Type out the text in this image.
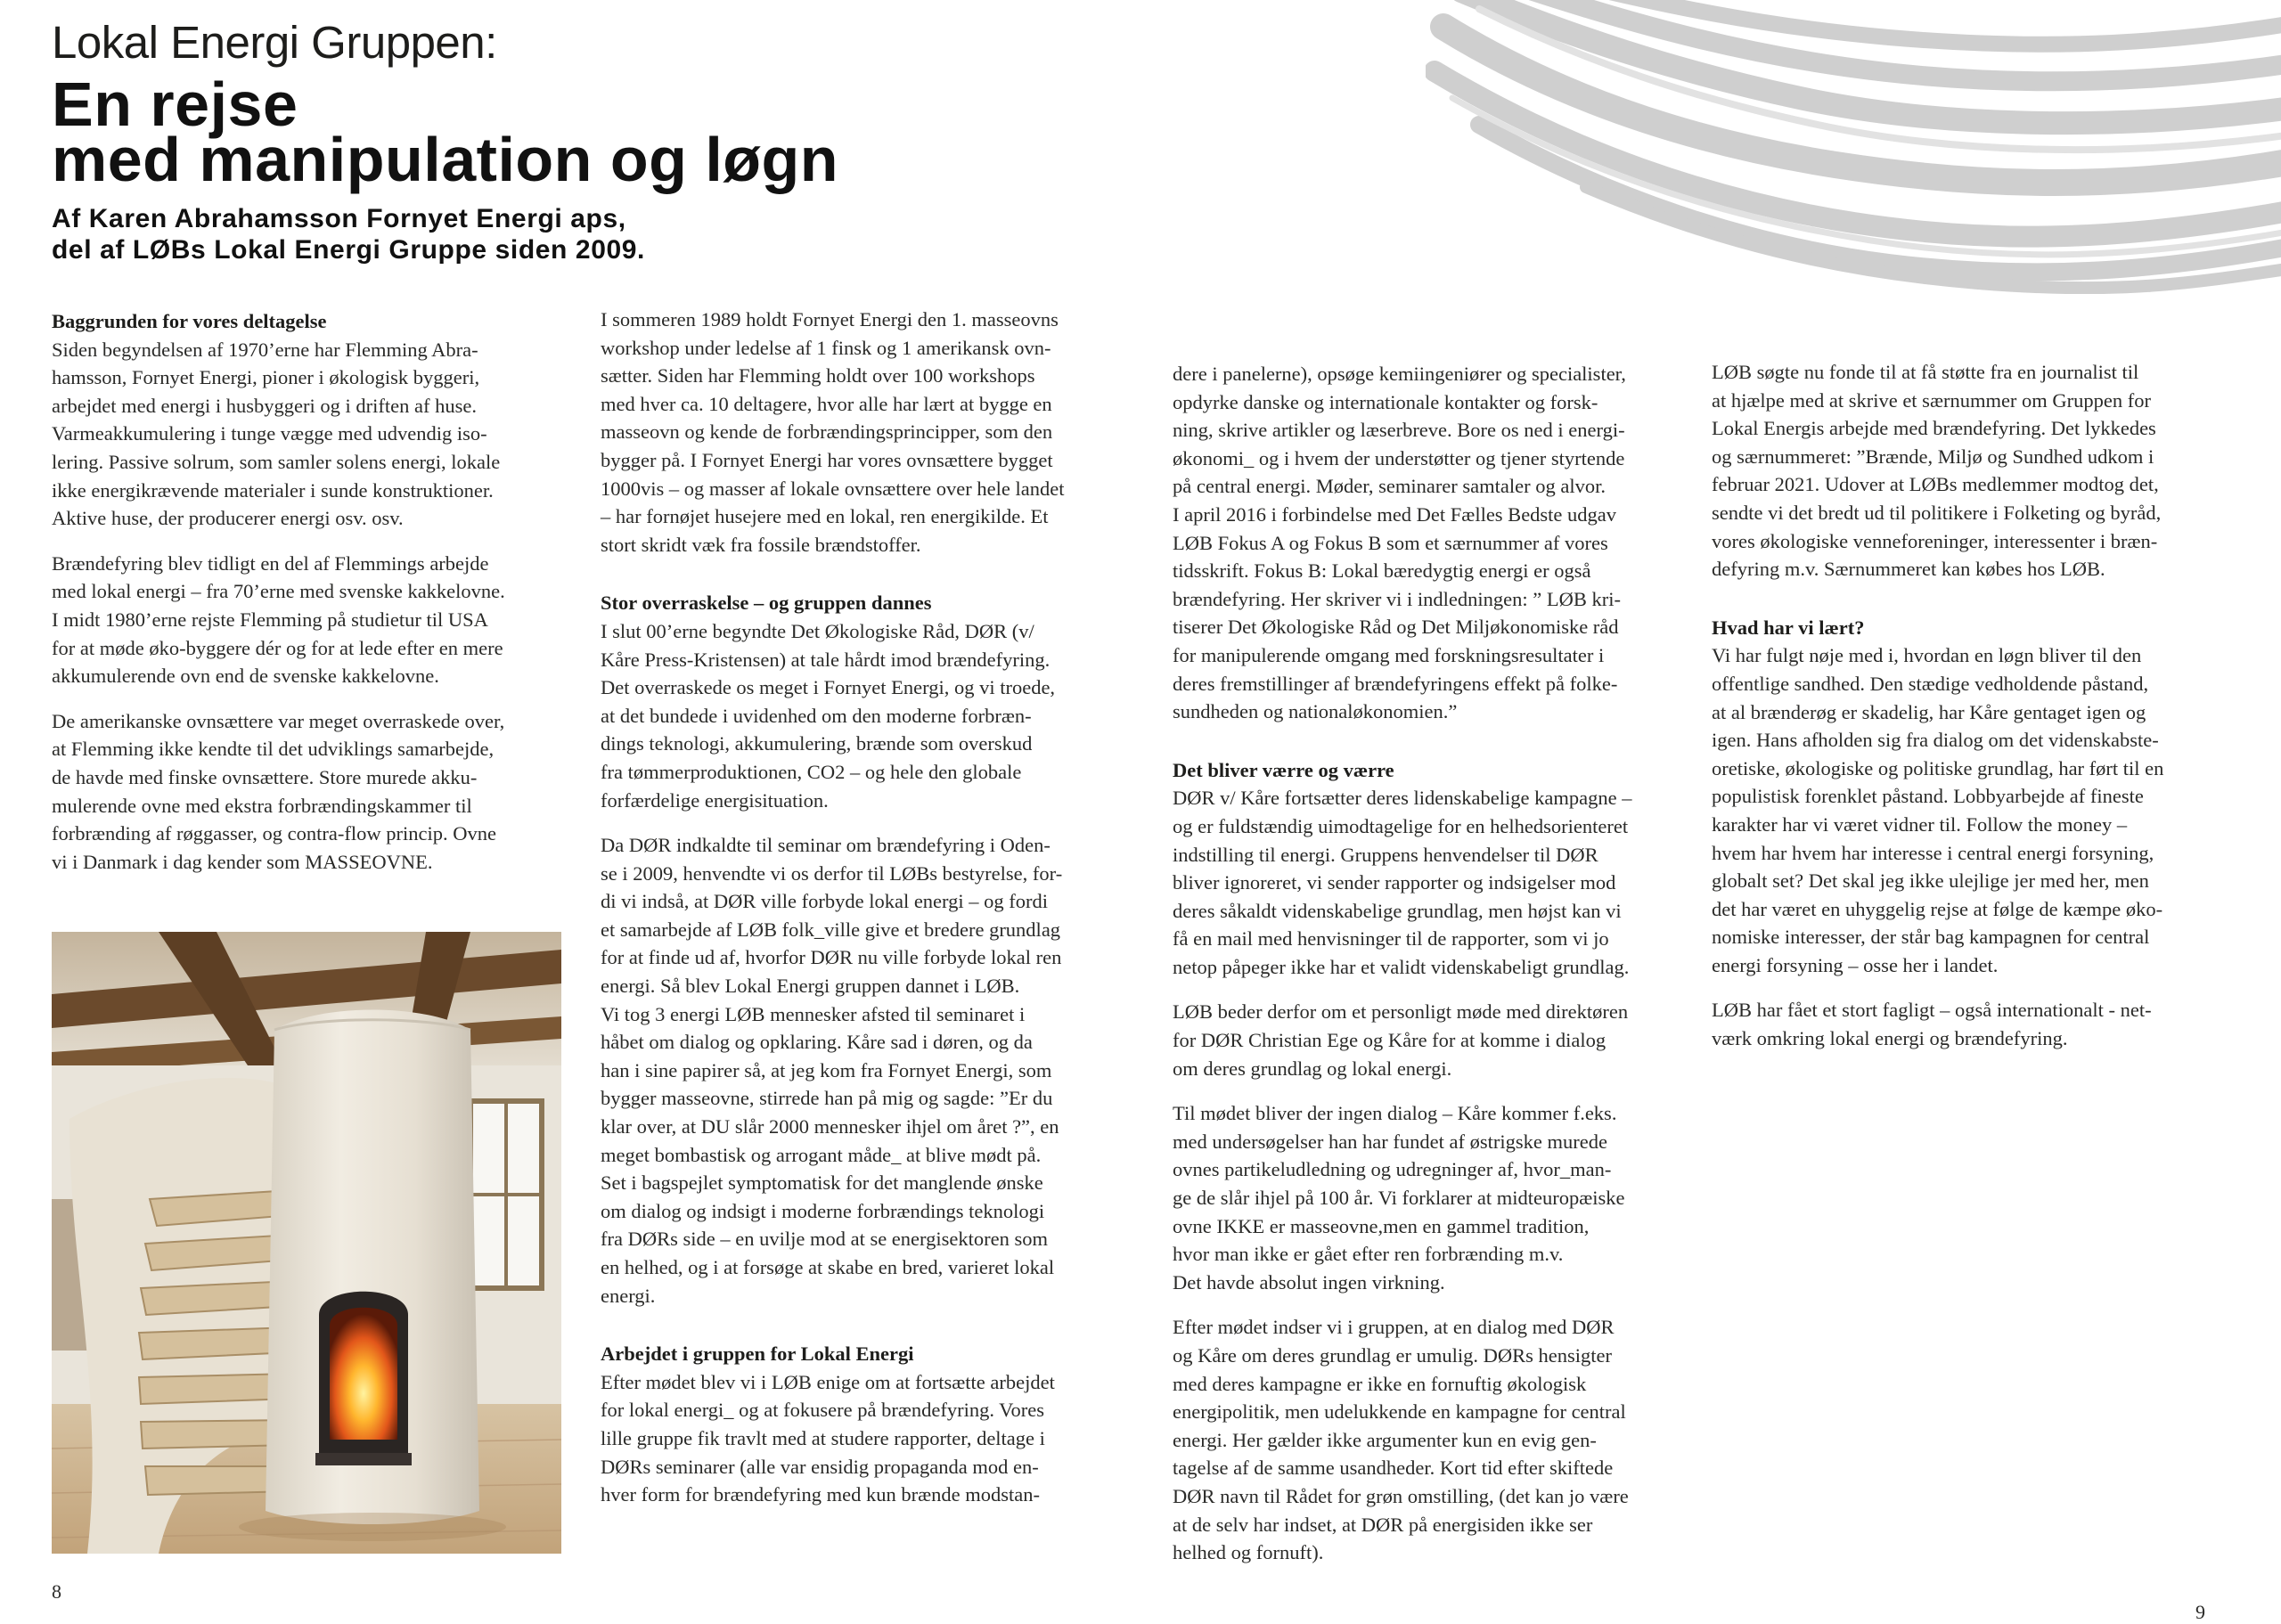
Lokal Energi Gruppen:
En rejse
med manipulation og løgn
Af Karen Abrahamsson Fornyet Energi aps,
del af LØBs Lokal Energi Gruppe siden 2009.
Baggrunden for vores deltagelse
Siden begyndelsen af 1970’erne har Flemming Abra-
hamsson, Fornyet Energi, pioner i økologisk byggeri,
arbejdet med energi i husbyggeri og i driften af huse.
Varmeakkumulering i tunge vægge med udvendig iso-
lering. Passive solrum, som samler solens energi, lokale
ikke energikrævende materialer i sunde konstruktioner.
Aktive huse, der producerer energi osv. osv.
Brændefyring blev tidligt en del af Flemmings arbejde
med lokal energi – fra 70’erne med svenske kakkelovne.
I midt 1980’erne rejste Flemming på studietur til USA
for at møde øko-byggere dér og for at lede efter en mere
akkumulerende ovn end de svenske kakkelovne.
De amerikanske ovnsættere var meget overraskede over,
at Flemming ikke kendte til det udviklings samarbejde,
de havde med finske ovnsættere. Store murede akku-
mulerende ovne med ekstra forbrændingskammer til
forbrænding af røggasser, og contra-flow princip. Ovne
vi i Danmark i dag kender som MASSEOVNE.
I sommeren 1989 holdt Fornyet Energi den 1. masseovns
workshop under ledelse af 1 finsk og 1 amerikansk ovn-
sætter. Siden har Flemming holdt over 100 workshops
med hver ca. 10 deltagere, hvor alle har lært at bygge en
masseovn og kende de forbrændingsprincipper, som den
bygger på. I Fornyet Energi har vores ovnsættere bygget
1000vis – og masser af lokale ovnsættere over hele landet
– har fornøjet husejere med en lokal, ren energikilde. Et
stort skridt væk fra fossile brændstoffer.
Stor overraskelse – og gruppen dannes
I slut 00’erne begyndte Det Økologiske Råd, DØR (v/
Kåre Press-Kristensen) at tale hårdt imod brændefyring.
Det overraskede os meget i Fornyet Energi, og vi troede,
at det bundede i uvidenhed om den moderne forbræn-
dings teknologi, akkumulering, brænde som overskud
fra tømmerproduktionen, CO2 – og hele den globale
forfærdelige energisituation.
Da DØR indkaldte til seminar om brændefyring i Oden-
se i 2009, henvendte vi os derfor til LØBs bestyrelse, for-
di vi indså, at DØR ville forbyde lokal energi – og fordi
et samarbejde af LØB folk_ville give et bredere grundlag
for at finde ud af, hvorfor DØR nu ville forbyde lokal ren
energi. Så blev Lokal Energi gruppen dannet i LØB.
Vi tog 3 energi LØB mennesker afsted til seminaret i
håbet om dialog og opklaring. Kåre sad i døren, og da
han i sine papirer så, at jeg kom fra Fornyet Energi, som
bygger masseovne, stirrede han på mig og sagde: ”Er du
klar over, at DU slår 2000 mennesker ihjel om året ?”, en
meget bombastisk og arrogant måde_ at blive mødt på.
Set i bagspejlet symptomatisk for det manglende ønske
om dialog og indsigt i moderne forbrændings teknologi
fra DØRs side – en uvilje mod at se energisektoren som
en helhed, og i at forsøge at skabe en bred, varieret lokal
energi.
Arbejdet i gruppen for Lokal Energi
Efter mødet blev vi i LØB enige om at fortsætte arbejdet
for lokal energi_ og at fokusere på brændefyring. Vores
lille gruppe fik travlt med at studere rapporter, deltage i
DØRs seminarer (alle var ensidig propaganda mod en-
hver form for brændefyring med kun brænde modstan-
dere i panelerne), opsøge kemiingeniører og specialister,
opdyrke danske og internationale kontakter og forsk-
ning, skrive artikler og læserbreve. Bore os ned i energi-
økonomi_ og i hvem der understøtter og tjener styrtende
på central energi. Møder, seminarer samtaler og alvor.
I april 2016 i forbindelse med Det Fælles Bedste udgav
LØB Fokus A og Fokus B som et særnummer af vores
tidsskrift. Fokus B: Lokal bæredygtig energi er også
brændefyring. Her skriver vi i indledningen: ” LØB kri-
tiserer Det Økologiske Råd og Det Miljøkonomiske råd
for manipulerende omgang med forskningsresultater i
deres fremstillinger af brændefyringens effekt på folke-
sundheden og nationaløkonomien.”
Det bliver værre og værre
DØR v/ Kåre fortsætter deres lidenskabelige kampagne –
og er fuldstændig uimodtagelige for en helhedsorienteret
indstilling til energi. Gruppens henvendelser til DØR
bliver ignoreret, vi sender rapporter og indsigelser mod
deres såkaldt videnskabelige grundlag, men højst kan vi
få en mail med henvisninger til de rapporter, som vi jo
netop påpeger ikke har et validt videnskabeligt grundlag.
LØB beder derfor om et personligt møde med direktøren
for DØR Christian Ege og Kåre for at komme i dialog
om deres grundlag og lokal energi.
Til mødet bliver der ingen dialog – Kåre kommer f.eks.
med undersøgelser han har fundet af østrigske murede
ovnes partikeludledning og udregninger af, hvor_man-
ge de slår ihjel på 100 år. Vi forklarer at midteuropæiske
ovne IKKE er masseovne,men en gammel tradition,
hvor man ikke er gået efter ren forbrænding m.v.
Det havde absolut ingen virkning.
Efter mødet indser vi i gruppen, at en dialog med DØR
og Kåre om deres grundlag er umulig. DØRs hensigter
med deres kampagne er ikke en fornuftig økologisk
energipolitik, men udelukkende en kampagne for central
energi. Her gælder ikke argumenter kun en evig gen-
tagelse af de samme usandheder. Kort tid efter skiftede
DØR navn til Rådet for grøn omstilling, (det kan jo være
at de selv har indset, at DØR på energisiden ikke ser
helhed og fornuft).
LØB søgte nu fonde til at få støtte fra en journalist til
at hjælpe med at skrive et særnummer om Gruppen for
Lokal Energis arbejde med brændefyring. Det lykkedes
og særnummeret: ”Brænde, Miljø og Sundhed udkom i
februar 2021. Udover at LØBs medlemmer modtog det,
sendte vi det bredt ud til politikere i Folketing og byråd,
vores økologiske venneforeninger, interessenter i bræn-
defyring m.v. Særnummeret kan købes hos LØB.
Hvad har vi lært?
Vi har fulgt nøje med i, hvordan en løgn bliver til den
offentlige sandhed. Den stædige vedholdende påstand,
at al brænderøg er skadelig, har Kåre gentaget igen og
igen. Hans afholden sig fra dialog om det videnskabste-
oretiske, økologiske og politiske grundlag, har ført til en
populistisk forenklet påstand. Lobbyarbejde af fineste
karakter har vi været vidner til. Follow the money –
hvem har hvem har interesse i central energi forsyning,
globalt set? Det skal jeg ikke ulejlige jer med her, men
det har været en uhyggelig rejse at følge de kæmpe øko-
nomiske interesser, der står bag kampagnen for central
energi forsyning – osse her i landet.
LØB har fået et stort fagligt – også internationalt - net-
værk omkring lokal energi og brændefyring.
8
9
